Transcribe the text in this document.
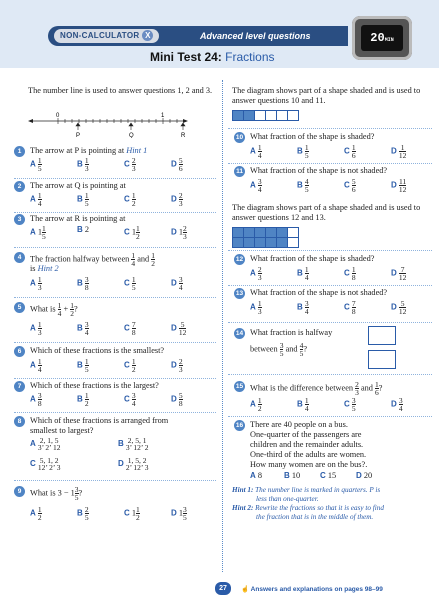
NON-CALCULATOR X	Advanced level questions
Mini Test 24: Fractions
20MIN
The number line is used to answer questions 1, 2 and 3.
0	1
P	Q	R
1	The arrow at P is pointing at Hint 1
A $\frac{1}{5}$	B $\frac{1}{3}$	C $\frac{2}{3}$	D $\frac{5}{6}$
2	The arrow at Q is pointing at
A $\frac{1}{4}$	B $\frac{1}{5}$	C $\frac{1}{2}$	D $\frac{2}{3}$
3	The arrow at R is pointing at
A $1 \frac{1}{5}$	B 2	C $1 \frac{1}{2}$	D $1 \frac{2}{3}$
4	The fraction halfway between $\frac{1}{4}$ and $\frac{1}{2}$
is Hint 2
A $\frac{1}{3}$	B $\frac{3}{8}$	C $\frac{1}{5}$	D $\frac{3}{4}$
5	What is $\frac{1}{4} + \frac{1}{2}$ ?
A $\frac{1}{3}$	B $\frac{3}{4}$	C $\frac{7}{8}$	D $\frac{5}{12}$
6	Which of these fractions is the smallest?
A $\frac{1}{4}$	B $\frac{1}{5}$	C $\frac{1}{2}$	D $\frac{2}{3}$
7	Which of these fractions is the largest?
A $\frac{3}{8}$	B $\frac{1}{2}$	C $\frac{3}{4}$	D $\frac{5}{8}$
8	Which of these fractions is arranged from
smallest to largest?
A 2, 1, 5
3’ 2’ 12	B 2, 5, 1
3’ 12’ 2
C 5, 1, 2
12’ 2’ 3	D 1, 5, 2
2’ 12’ 3
9	What is $3 - 1 \frac{3}{5}$ ?
A $\frac{1}{2}$	B $\frac{2}{5}$	C $1 \frac{1}{2}$	D $1 \frac{3}{5}$
The diagram shows part of a shape shaded and is used to answer questions 10 and 11.
10 What fraction of the shape is shaded?
A $\frac{1}{4}$	B $\frac{1}{5}$	C $\frac{1}{6}$	D $\frac{1}{12}$
11 What fraction of the shape is not shaded?
A $\frac{3}{4}$	B $\frac{4}{5}$	C $\frac{5}{6}$	D $\frac{11}{12}$
The diagram shows part of a shape shaded and is used to answer questions 12 and 13.
12 What fraction of the shape is shaded?
A $\frac{2}{3}$	B $\frac{1}{4}$	C $\frac{1}{8}$	D $\frac{7}{12}$
13 What fraction of the shape is not shaded?
A $\frac{1}{3}$	B $\frac{3}{4}$	C $\frac{7}{8}$	D $\frac{5}{12}$
14 What fraction is halfway
between $\frac{3}{5}$ and $\frac{4}{5}$ ?
15 What is the difference between $\frac{2}{3}$ and $\frac{1}{6}$ ?
A $\frac{1}{2}$	B $\frac{1}{4}$	C $\frac{3}{5}$	D $\frac{3}{4}$
16 There are 40 people on a bus.
One-quarter of the passengers are
children and the remainder adults.
One-third of the adults are women.
How many women are on the bus?.
A 8	B 10 C 15 D 20
Hint 1: The number line is marked in quarters. P is
less than one-quarter.
Hint 2: Rewrite the fractions so that it is easy to find
the fraction that is in the middle of them.
27	☝ Answers and explanations on pages 98–99
